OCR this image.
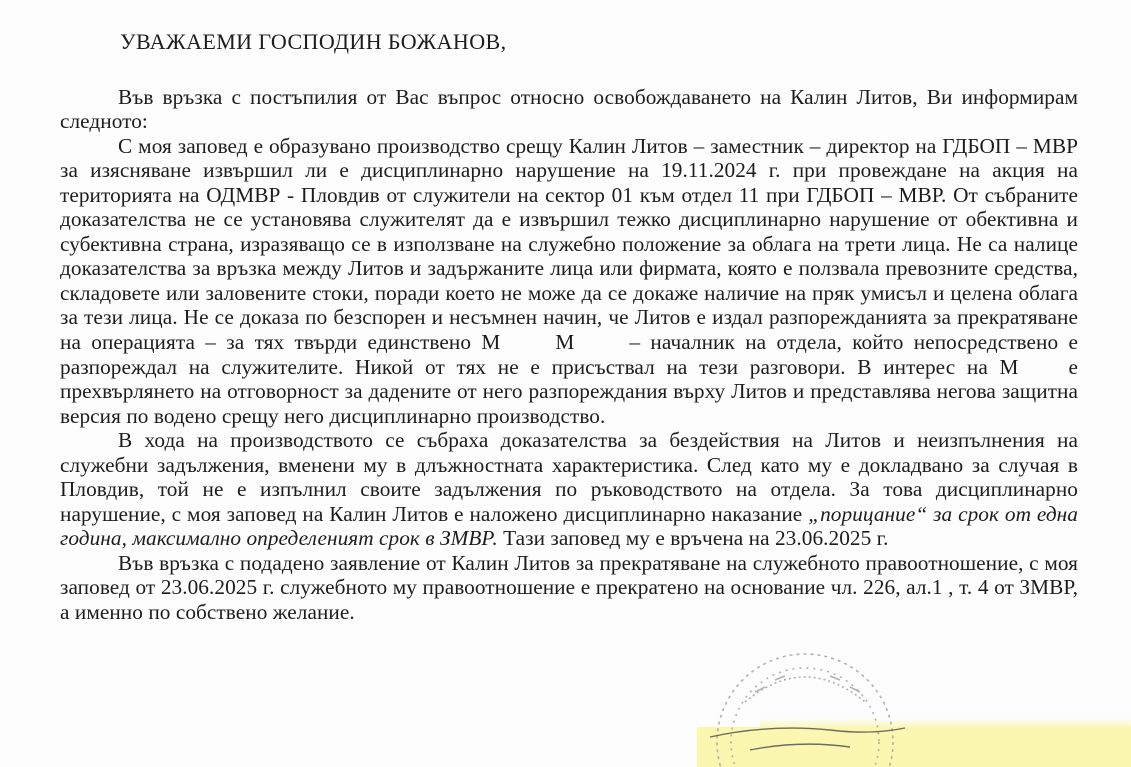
УВАЖАЕМИ ГОСПОДИН БОЖАНОВ,

Във връзка с постъпилия от Вас въпрос относно освобождаването на Калин Литов, Ви информирам следното:

С моя заповед е образувано производство срещу Калин Литов – заместник – директор на ГДБОП – МВР за изясняване извършил ли е дисциплинарно нарушение на 19.11.2024 г. при провеждане на акция на територията на ОДМВР - Пловдив от служители на сектор 01 към отдел 11 при ГДБОП – МВР. От събраните доказателства не се установява служителят да е извършил тежко дисциплинарно нарушение от обективна и субективна страна, изразяващо се в използване на служебно положение за облага на трети лица. Не са налице доказателства за връзка между Литов и задържаните лица или фирмата, която е ползвала превозните средства, складовете или заловените стоки, поради което не може да се докаже наличие на пряк умисъл и целена облага за тези лица. Не се доказа по безспорен и несъмнен начин, че Литов е издал разпорежданията за прекратяване на операцията – за тях твърди единствено М	М	– началник на отдела, който непосредствено е разпореждал на служителите. Никой от тях не е присъствал на тези разговори. В интерес на М е прехвърлянето на отговорност за дадените от него разпореждания върху Литов и представлява негова защитна версия по водено срещу него дисциплинарно производство.

В хода на производството се събраха доказателства за бездействия на Литов и неизпълнения на служебни задължения, вменени му в длъжностната характеристика. След като му е докладвано за случая в Пловдив, той не е изпълнил своите задължения по ръководството на отдела. За това дисциплинарно нарушение, с моя заповед на Калин Литов е наложено дисциплинарно наказание „порицание“ за срок от една година, максимално определеният срок в ЗМВР. Тази заповед му е връчена на 23.06.2025 г.

Във връзка с подадено заявление от Калин Литов за прекратяване на служебното правоотношение, с моя заповед от 23.06.2025 г. служебното му правоотношение е прекратено на основание чл. 226, ал.1 , т. 4 от ЗМВР, а именно по собствено желание.
